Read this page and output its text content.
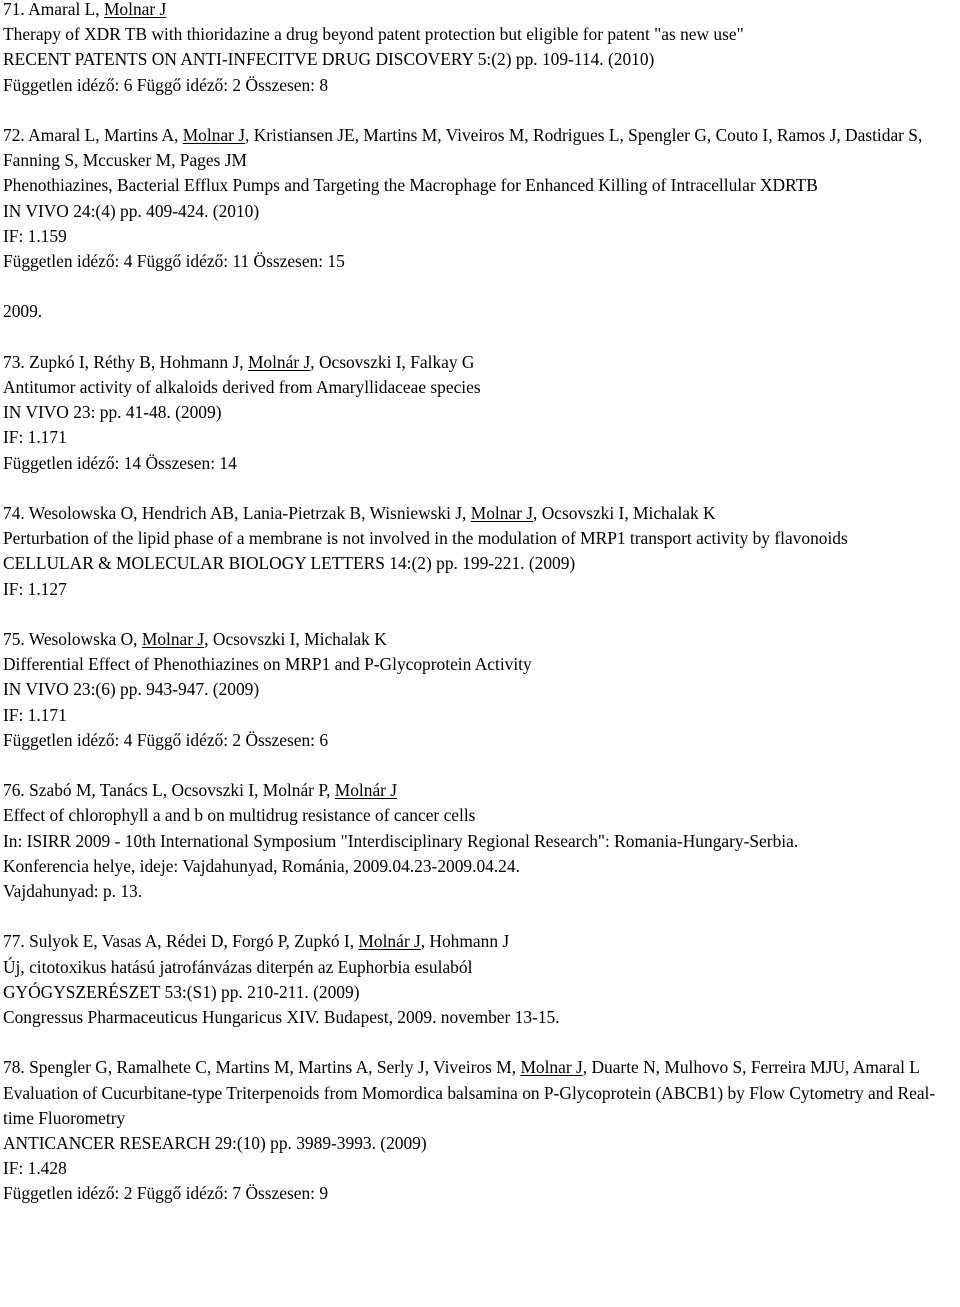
71. Amaral L, Molnar J
Therapy of XDR TB with thioridazine a drug beyond patent protection but eligible for patent "as new use"
RECENT PATENTS ON ANTI-INFECITVE DRUG DISCOVERY 5:(2) pp. 109-114. (2010)
Független idéző: 6 Függő idéző: 2 Összesen: 8
72. Amaral L, Martins A, Molnar J, Kristiansen JE, Martins M, Viveiros M, Rodrigues L, Spengler G, Couto I, Ramos J, Dastidar S, Fanning S, Mccusker M, Pages JM
Phenothiazines, Bacterial Efflux Pumps and Targeting the Macrophage for Enhanced Killing of Intracellular XDRTB
IN VIVO 24:(4) pp. 409-424. (2010)
IF: 1.159
Független idéző: 4 Függő idéző: 11 Összesen: 15
2009.
73. Zupkó I, Réthy B, Hohmann J, Molnár J, Ocsovszki I, Falkay G
Antitumor activity of alkaloids derived from Amaryllidaceae species
IN VIVO 23: pp. 41-48. (2009)
IF: 1.171
Független idéző: 14 Összesen: 14
74. Wesolowska O, Hendrich AB, Lania-Pietrzak B, Wisniewski J, Molnar J, Ocsovszki I, Michalak K
Perturbation of the lipid phase of a membrane is not involved in the modulation of MRP1 transport activity by flavonoids
CELLULAR & MOLECULAR BIOLOGY LETTERS 14:(2) pp. 199-221. (2009)
IF: 1.127
75. Wesolowska O, Molnar J, Ocsovszki I, Michalak K
Differential Effect of Phenothiazines on MRP1 and P-Glycoprotein Activity
IN VIVO 23:(6) pp. 943-947. (2009)
IF: 1.171
Független idéző: 4 Függő idéző: 2 Összesen: 6
76. Szabó M, Tanács L, Ocsovszki I, Molnár P, Molnár J
Effect of chlorophyll a and b on multidrug resistance of cancer cells
In: ISIRR 2009 - 10th International Symposium "Interdisciplinary Regional Research": Romania-Hungary-Serbia.
Konferencia helye, ideje: Vajdahunyad, Románia, 2009.04.23-2009.04.24.
Vajdahunyad: p. 13.
77. Sulyok E, Vasas A, Rédei D, Forgó P, Zupkó I, Molnár J, Hohmann J
Új, citotoxikus hatású jatrofánvázas diterpén az Euphorbia esulaból
GYÓGYSZERÉSZET 53:(S1) pp. 210-211. (2009)
Congressus Pharmaceuticus Hungaricus XIV. Budapest, 2009. november 13-15.
78. Spengler G, Ramalhete C, Martins M, Martins A, Serly J, Viveiros M, Molnar J, Duarte N, Mulhovo S, Ferreira MJU, Amaral L
Evaluation of Cucurbitane-type Triterpenoids from Momordica balsamina on P-Glycoprotein (ABCB1) by Flow Cytometry and Real-time Fluorometry
ANTICANCER RESEARCH 29:(10) pp. 3989-3993. (2009)
IF: 1.428
Független idéző: 2 Függő idéző: 7 Összesen: 9
